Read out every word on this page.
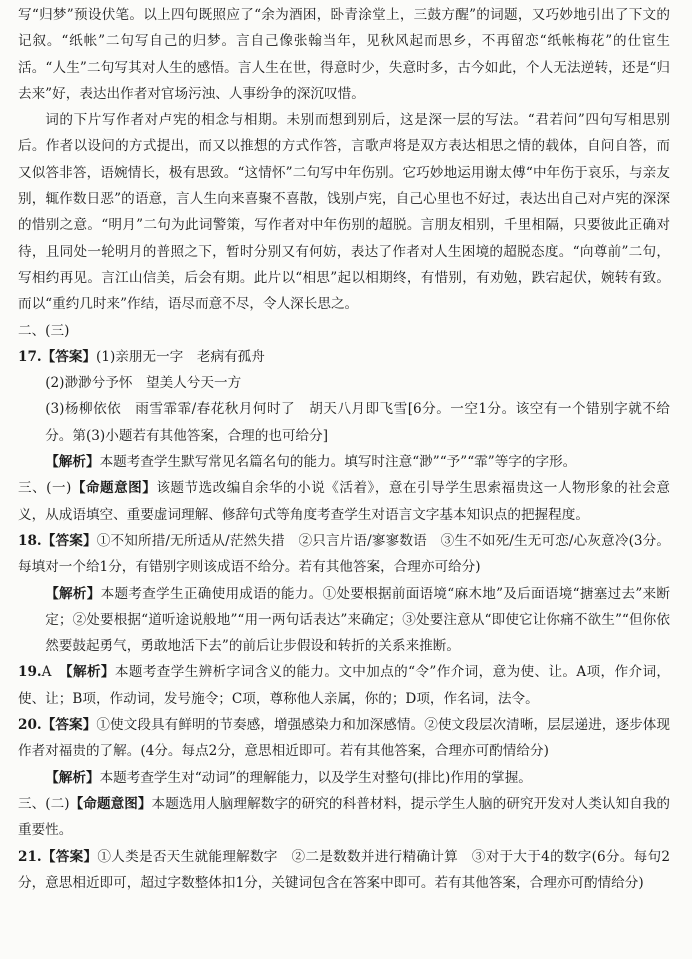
写“归梦”预设伏笔。以上四句既照应了“余为酒困，卧青涂堂上，三鼓方醒”的词题，又巧妙地引出了下文的记叙。“纸帐”二句写自己的归梦。言自己像张翰当年，见秋风起而思乡，不再留恋“纸帐梅花”的仕宦生活。“人生”二句写其对人生的感悟。言人生在世，得意时少，失意时多，古今如此，个人无法逆转，还是“归去来”好，表达出作者对官场污浊、人事纷争的深沉叹惜。

词的下片写作者对卢宪的相念与相期。未别而想到别后，这是深一层的写法。“君若问”四句写相思别后。作者以设问的方式提出，而又以推想的方式作答，言歌声将是双方表达相思之情的载体，自问自答，而又似答非答，语婉情长，极有思致。“这情怀”二句写中年伤别。它巧妙地运用谢太傅“中年伤于哀乐，与亲友别，辄作数日恶”的语意，言人生向来喜聚不喜散，饯别卢宪，自己心里也不好过，表达出自己对卢宪的深深的惜别之意。“明月”二句为此词警策，写作者对中年伤别的超脱。言朋友相别，千里相隔，只要彼此正确对待，且同处一轮明月的普照之下，暂时分别又有何妨，表达了作者对人生困境的超脱态度。“向尊前”二句，写相约再见。言江山信美，后会有期。此片以“相思”起以相期终，有惜别，有劝勉，跌宕起伏，婉转有致。而以“重约几时来”作结，语尽而意不尽，令人深长思之。

二、(三)

17.【答案】(1)亲朋无一字　老病有孤舟

(2)渺渺兮予怀　望美人兮天一方

(3)杨柳依依　雨雪霏霏/春花秋月何时了　胡天八月即飞雪[6分。一空1分。该空有一个错别字就不给分。第(3)小题若有其他答案，合理的也可给分]

【解析】本题考查学生默写常见名篇名句的能力。填写时注意“渺”“予”“霏”等字的字形。

三、(一)【命题意图】该题节选改编自余华的小说《活着》，意在引导学生思索福贵这一人物形象的社会意义，从成语填空、重要虚词理解、修辞句式等角度考查学生对语言文字基本知识点的把握程度。

18.【答案】①不知所措/无所适从/茫然失措　②只言片语/寥寥数语　③生不如死/生无可恋/心灰意冷(3分。每填对一个给1分，有错别字则该成语不给分。若有其他答案，合理亦可给分)

【解析】本题考查学生正确使用成语的能力。①处要根据前面语境“麻木地”及后面语境“搪塞过去”来断定；②处要根据“道听途说般地”“用一两句话表达”来确定；③处要注意从“即使它让你痛不欲生”“但你依然要鼓起勇气，勇敢地活下去”的前后让步假设和转折的关系来推断。

19.A　 【解析】本题考查学生辨析字词含义的能力。文中加点的“令”作介词，意为使、让。A项，作介词，使、让；B项，作动词，发号施令；C项，尊称他人亲属，你的；D项，作名词，法令。

20.【答案】①使文段具有鲜明的节奏感，增强感染力和加深感情。②使文段层次清晰，层层递进，逐步体现作者对福贵的了解。(4分。每点2分，意思相近即可。若有其他答案，合理亦可酌情给分)

【解析】本题考查学生对“动词”的理解能力，以及学生对整句(排比)作用的掌握。

三、(二)【命题意图】本题选用人脑理解数字的研究的科普材料，提示学生人脑的研究开发对人类认知自我的重要性。

21.【答案】①人类是否天生就能理解数字　②二是数数并进行精确计算　③对于大于4的数字(6分。每句2分，意思相近即可，超过字数整体扣1分，关键词包含在答案中即可。若有其他答案，合理亦可酌情给分)
